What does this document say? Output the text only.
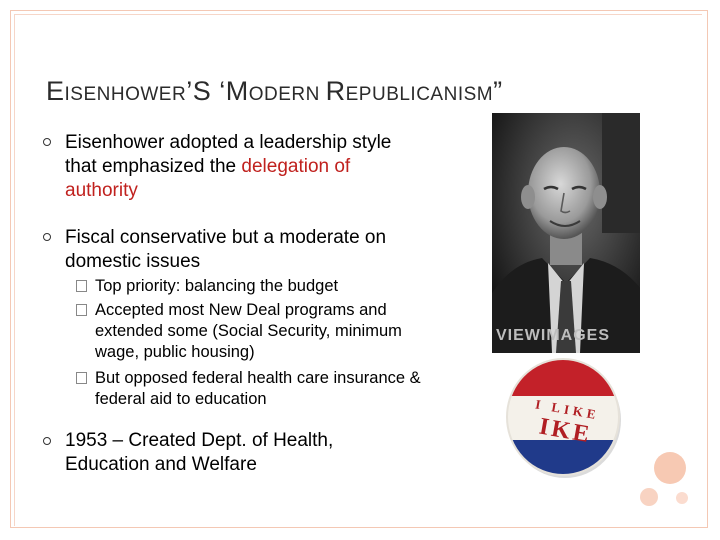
EISENHOWER’S ‘MODERN REPUBLICANISM”
Eisenhower adopted a leadership style
that emphasized the delegation of
authority
Fiscal conservative but a moderate on
domestic issues
Top priority: balancing the budget
Accepted most New Deal programs and
extended some (Social Security, minimum
wage, public housing)
But opposed federal health care insurance &
federal aid to education
1953 – Created Dept. of Health,
Education and Welfare
VIEWIMAGES
I LIKE
IKE
